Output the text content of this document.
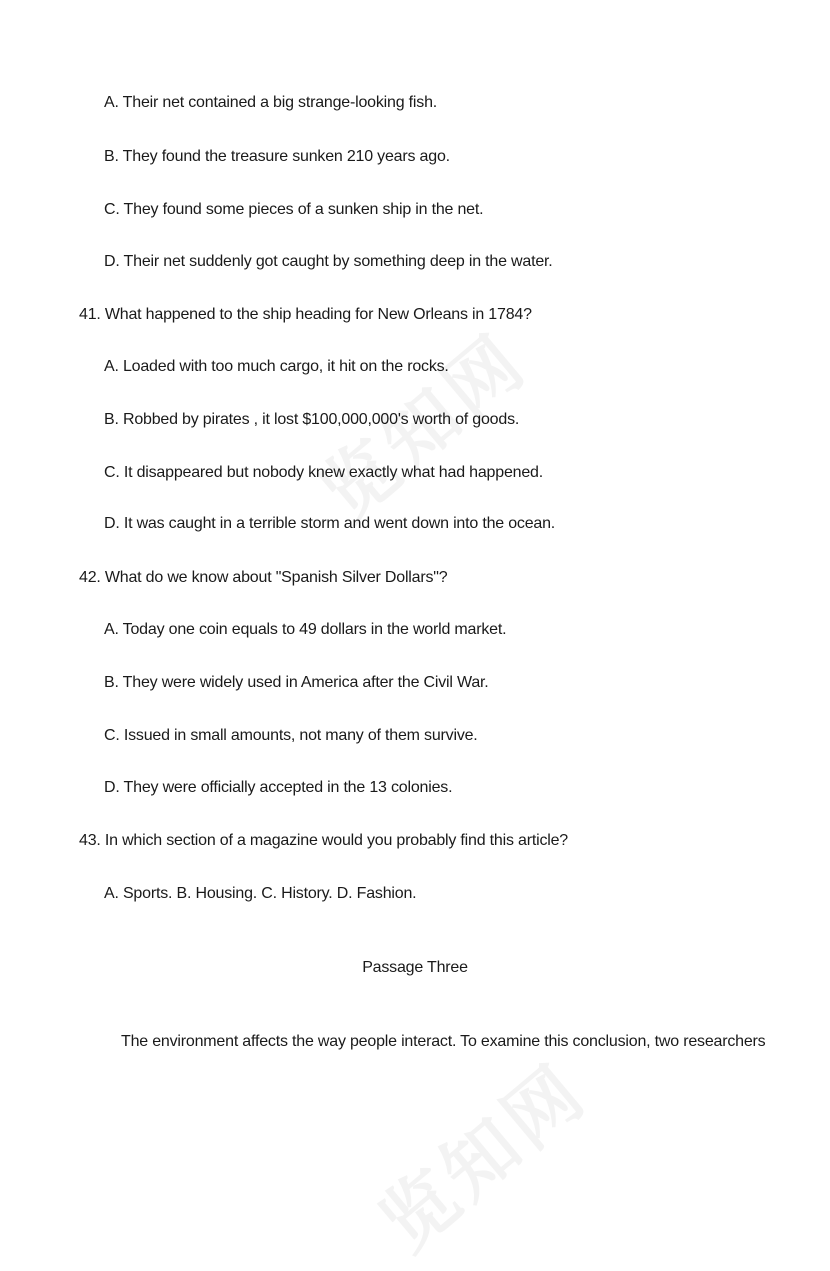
A. Their net contained a big strange-looking fish.
B. They found the treasure sunken 210 years ago.
C. They found some pieces of a sunken ship in the net.
D. Their net suddenly got caught by something deep in the water.
41. What happened to the ship heading for New Orleans in 1784?
A. Loaded with too much cargo, it hit on the rocks.
B. Robbed by pirates , it lost $100,000,000's worth of goods.
C. It disappeared but nobody knew exactly what had happened.
D. It was caught in a terrible storm and went down into the ocean.
42. What do we know about "Spanish Silver Dollars"?
A. Today one coin equals to 49 dollars in the world market.
B. They were widely used in America after the Civil War.
C. Issued in small amounts, not many of them survive.
D. They were officially accepted in the 13 colonies.
43. In which section of a magazine would you probably find this article?
A. Sports. B. Housing. C. History. D. Fashion.
Passage Three
The environment affects the way people interact. To examine this conclusion, two researchers
